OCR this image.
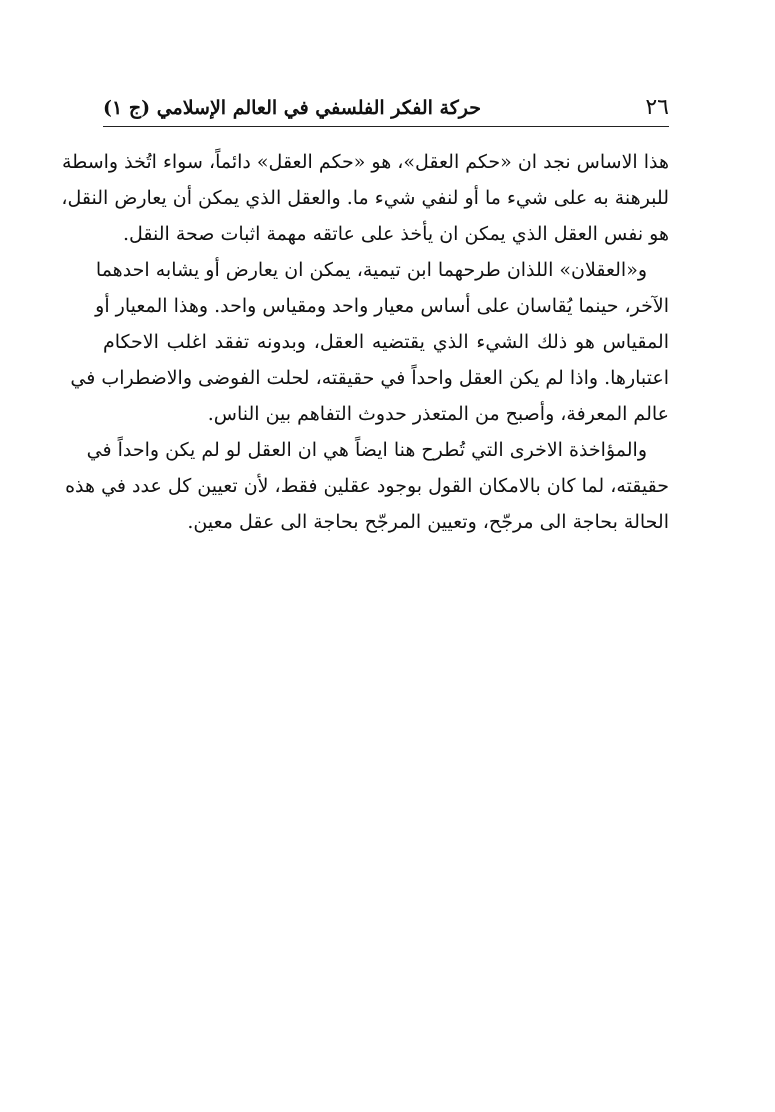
٢٦
حركة الفكر الفلسفي في العالم الإسلامي (ج ١)
هذا الاساس نجد ان «حكم العقل»، هو «حكم العقل» دائماً، سواء اتُخذ واسطة
للبرهنة به على شيء ما أو لنفي شيء ما. والعقل الذي يمكن أن يعارض النقل،
هو نفس العقل الذي يمكن ان يأخذ على عاتقه مهمة اثبات صحة النقل.
و«العقلان» اللذان طرحهما ابن تيمية، يمكن ان يعارض أو يشابه احدهما
الآخر، حينما يُقاسان على أساس معيار واحد ومقياس واحد. وهذا المعيار أو
المقياس هو ذلك الشيء الذي يقتضيه العقل، وبدونه تفقد اغلب الاحكام
اعتبارها. واذا لم يكن العقل واحداً في حقيقته، لحلت الفوضى والاضطراب في
عالم المعرفة، وأصبح من المتعذر حدوث التفاهم بين الناس.
والمؤاخذة الاخرى التي تُطرح هنا ايضاً هي ان العقل لو لم يكن واحداً في
حقيقته، لما كان بالامكان القول بوجود عقلين فقط، لأن تعيين كل عدد في هذه
الحالة بحاجة الى مرجّح، وتعيين المرجّح بحاجة الى عقل معين.
